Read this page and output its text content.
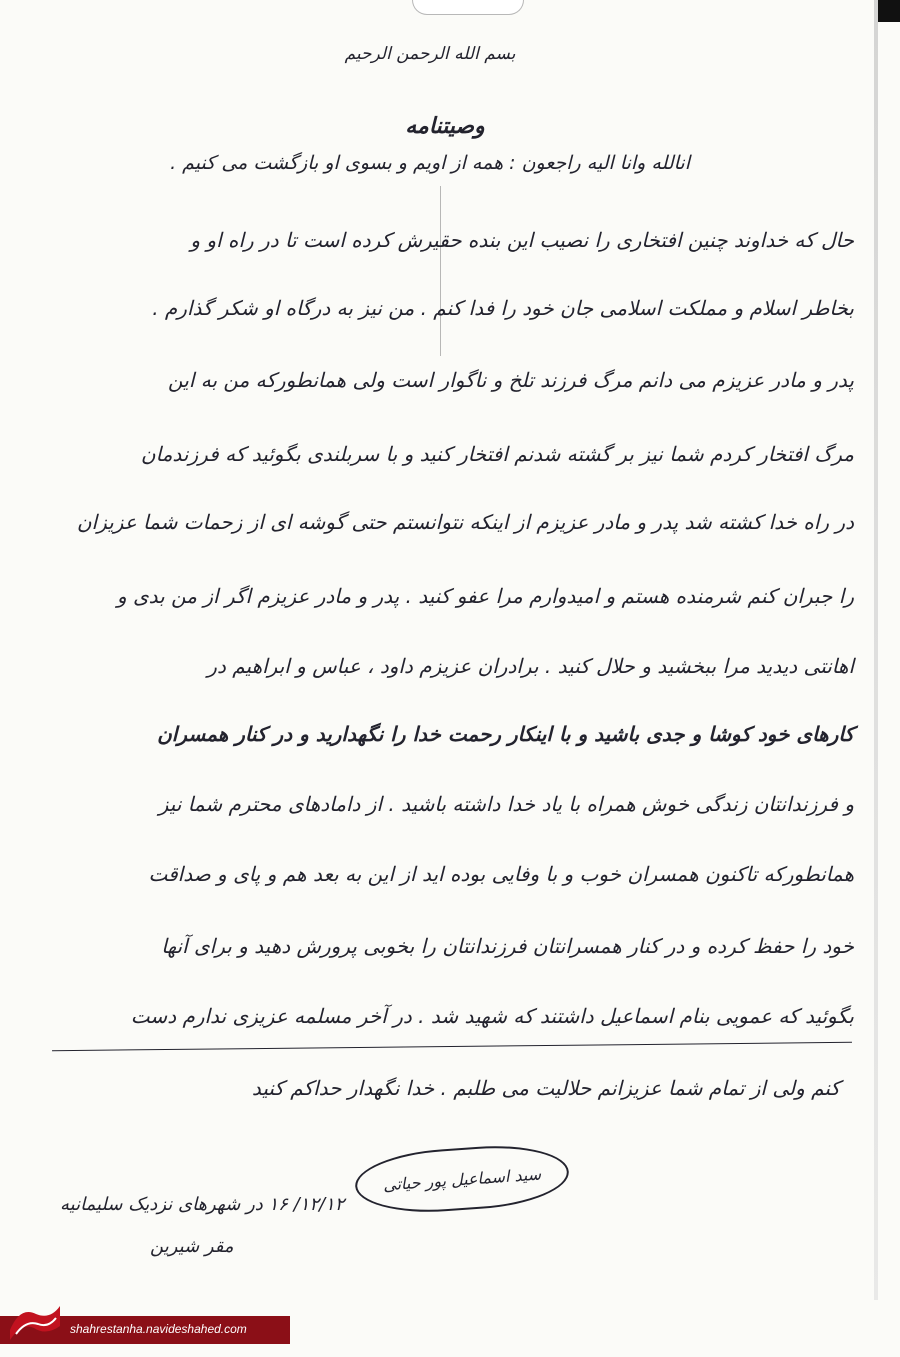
بسم الله الرحمن الرحیم
وصیتنامه
انالله وانا الیه راجعون : همه از اویم و بسوی او بازگشت می کنیم .
حال که خداوند چنین افتخاری را نصیب این بنده حقیرش کرده است تا در راه او و
بخاطر اسلام و مملکت اسلامی جان خود را فدا کنم . من نیز به درگاه او شکر گذارم .
پدر و مادر عزیزم می دانم مرگ فرزند تلخ و ناگوار است ولی همانطورکه من به این
مرگ افتخار کردم شما نیز بر گشته شدنم افتخار کنید و با سربلندی بگوئید که فرزندمان
در راه خدا کشته شد پدر و مادر عزیزم از اینکه نتوانستم حتی گوشه ای از زحمات شما عزیزان
را جبران کنم شرمنده هستم و امیدوارم مرا عفو کنید . پدر و مادر عزیزم اگر از من بدی و
اهانتی دیدید مرا ببخشید و حلال کنید . برادران عزیزم داود ، عباس و ابراهیم در
کارهای خود کوشا و جدی باشید و با اینکار رحمت خدا را نگهدارید و در کنار همسران
و فرزندانتان زندگی خوش همراه با یاد خدا داشته باشید . از دامادهای محترم شما نیز
همانطورکه تاکنون همسران خوب و با وفایی بوده اید از این به بعد هم و پای و صداقت
خود را حفظ کرده و در کنار همسرانتان فرزندانتان را بخوبی پرورش دهید و برای آنها
بگوئید که عمویی بنام اسماعیل داشتند که شهید شد . در آخر مسلمه عزیزی ندارم دست
کنم ولی از تمام شما عزیزانم حلالیت می طلبم . خدا نگهدار حداکم کنید
سید اسماعیل پور حیاتی
۱۲/۱۲/ ۱۶ در شهرهای نزدیک سلیمانیه
مقر شیرین
shahrestanha.navideshahed.com
